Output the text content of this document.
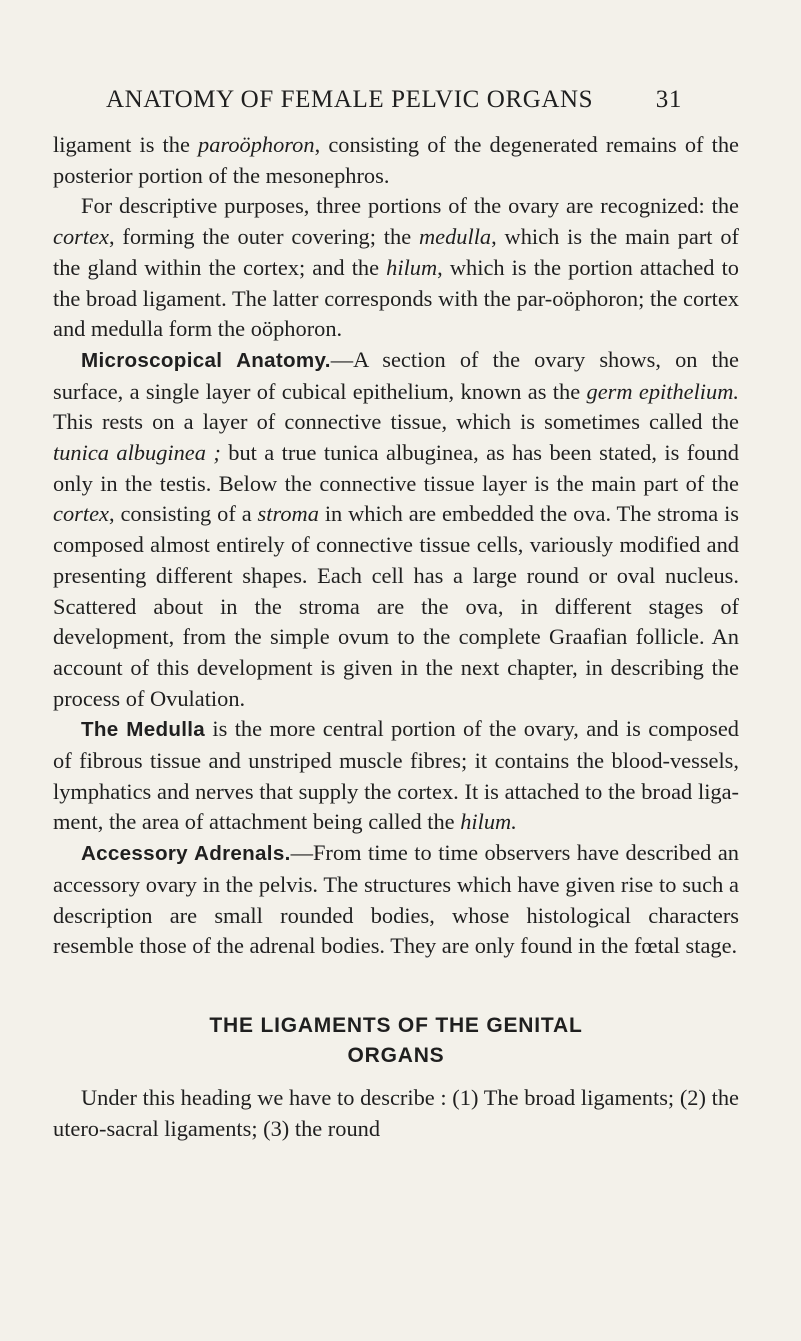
ANATOMY OF FEMALE PELVIC ORGANS	31

ligament is the paroöphoron, consisting of the degenerated remains of the posterior portion of the mesonephros.

For descriptive purposes, three portions of the ovary are recognized: the cortex, forming the outer covering; the medulla, which is the main part of the gland within the cortex; and the hilum, which is the portion attached to the broad ligament. The latter corresponds with the par-oöphoron; the cortex and medulla form the oöphoron.

Microscopical Anatomy.—A section of the ovary shows, on the surface, a single layer of cubical epithelium, known as the germ epithelium. This rests on a layer of connective tissue, which is sometimes called the tunica albuginea ; but a true tunica albuginea, as has been stated, is found only in the testis. Below the connective tissue layer is the main part of the cortex, consisting of a stroma in which are embedded the ova. The stroma is composed almost entirely of connective tissue cells, variously modified and presenting different shapes. Each cell has a large round or oval nucleus. Scattered about in the stroma are the ova, in different stages of development, from the simple ovum to the complete Graafian follicle. An account of this development is given in the next chapter, in describing the process of Ovulation.

The Medulla is the more central portion of the ovary, and is composed of fibrous tissue and unstriped muscle fibres; it contains the blood-vessels, lymphatics and nerves that supply the cortex. It is attached to the broad liga-ment, the area of attachment being called the hilum.

Accessory Adrenals.—From time to time observers have described an accessory ovary in the pelvis. The structures which have given rise to such a description are small rounded bodies, whose histological characters resemble those of the adrenal bodies. They are only found in the fœtal stage.

THE LIGAMENTS OF THE GENITAL
ORGANS

Under this heading we have to describe : (1) The broad ligaments; (2) the utero-sacral ligaments; (3) the round
